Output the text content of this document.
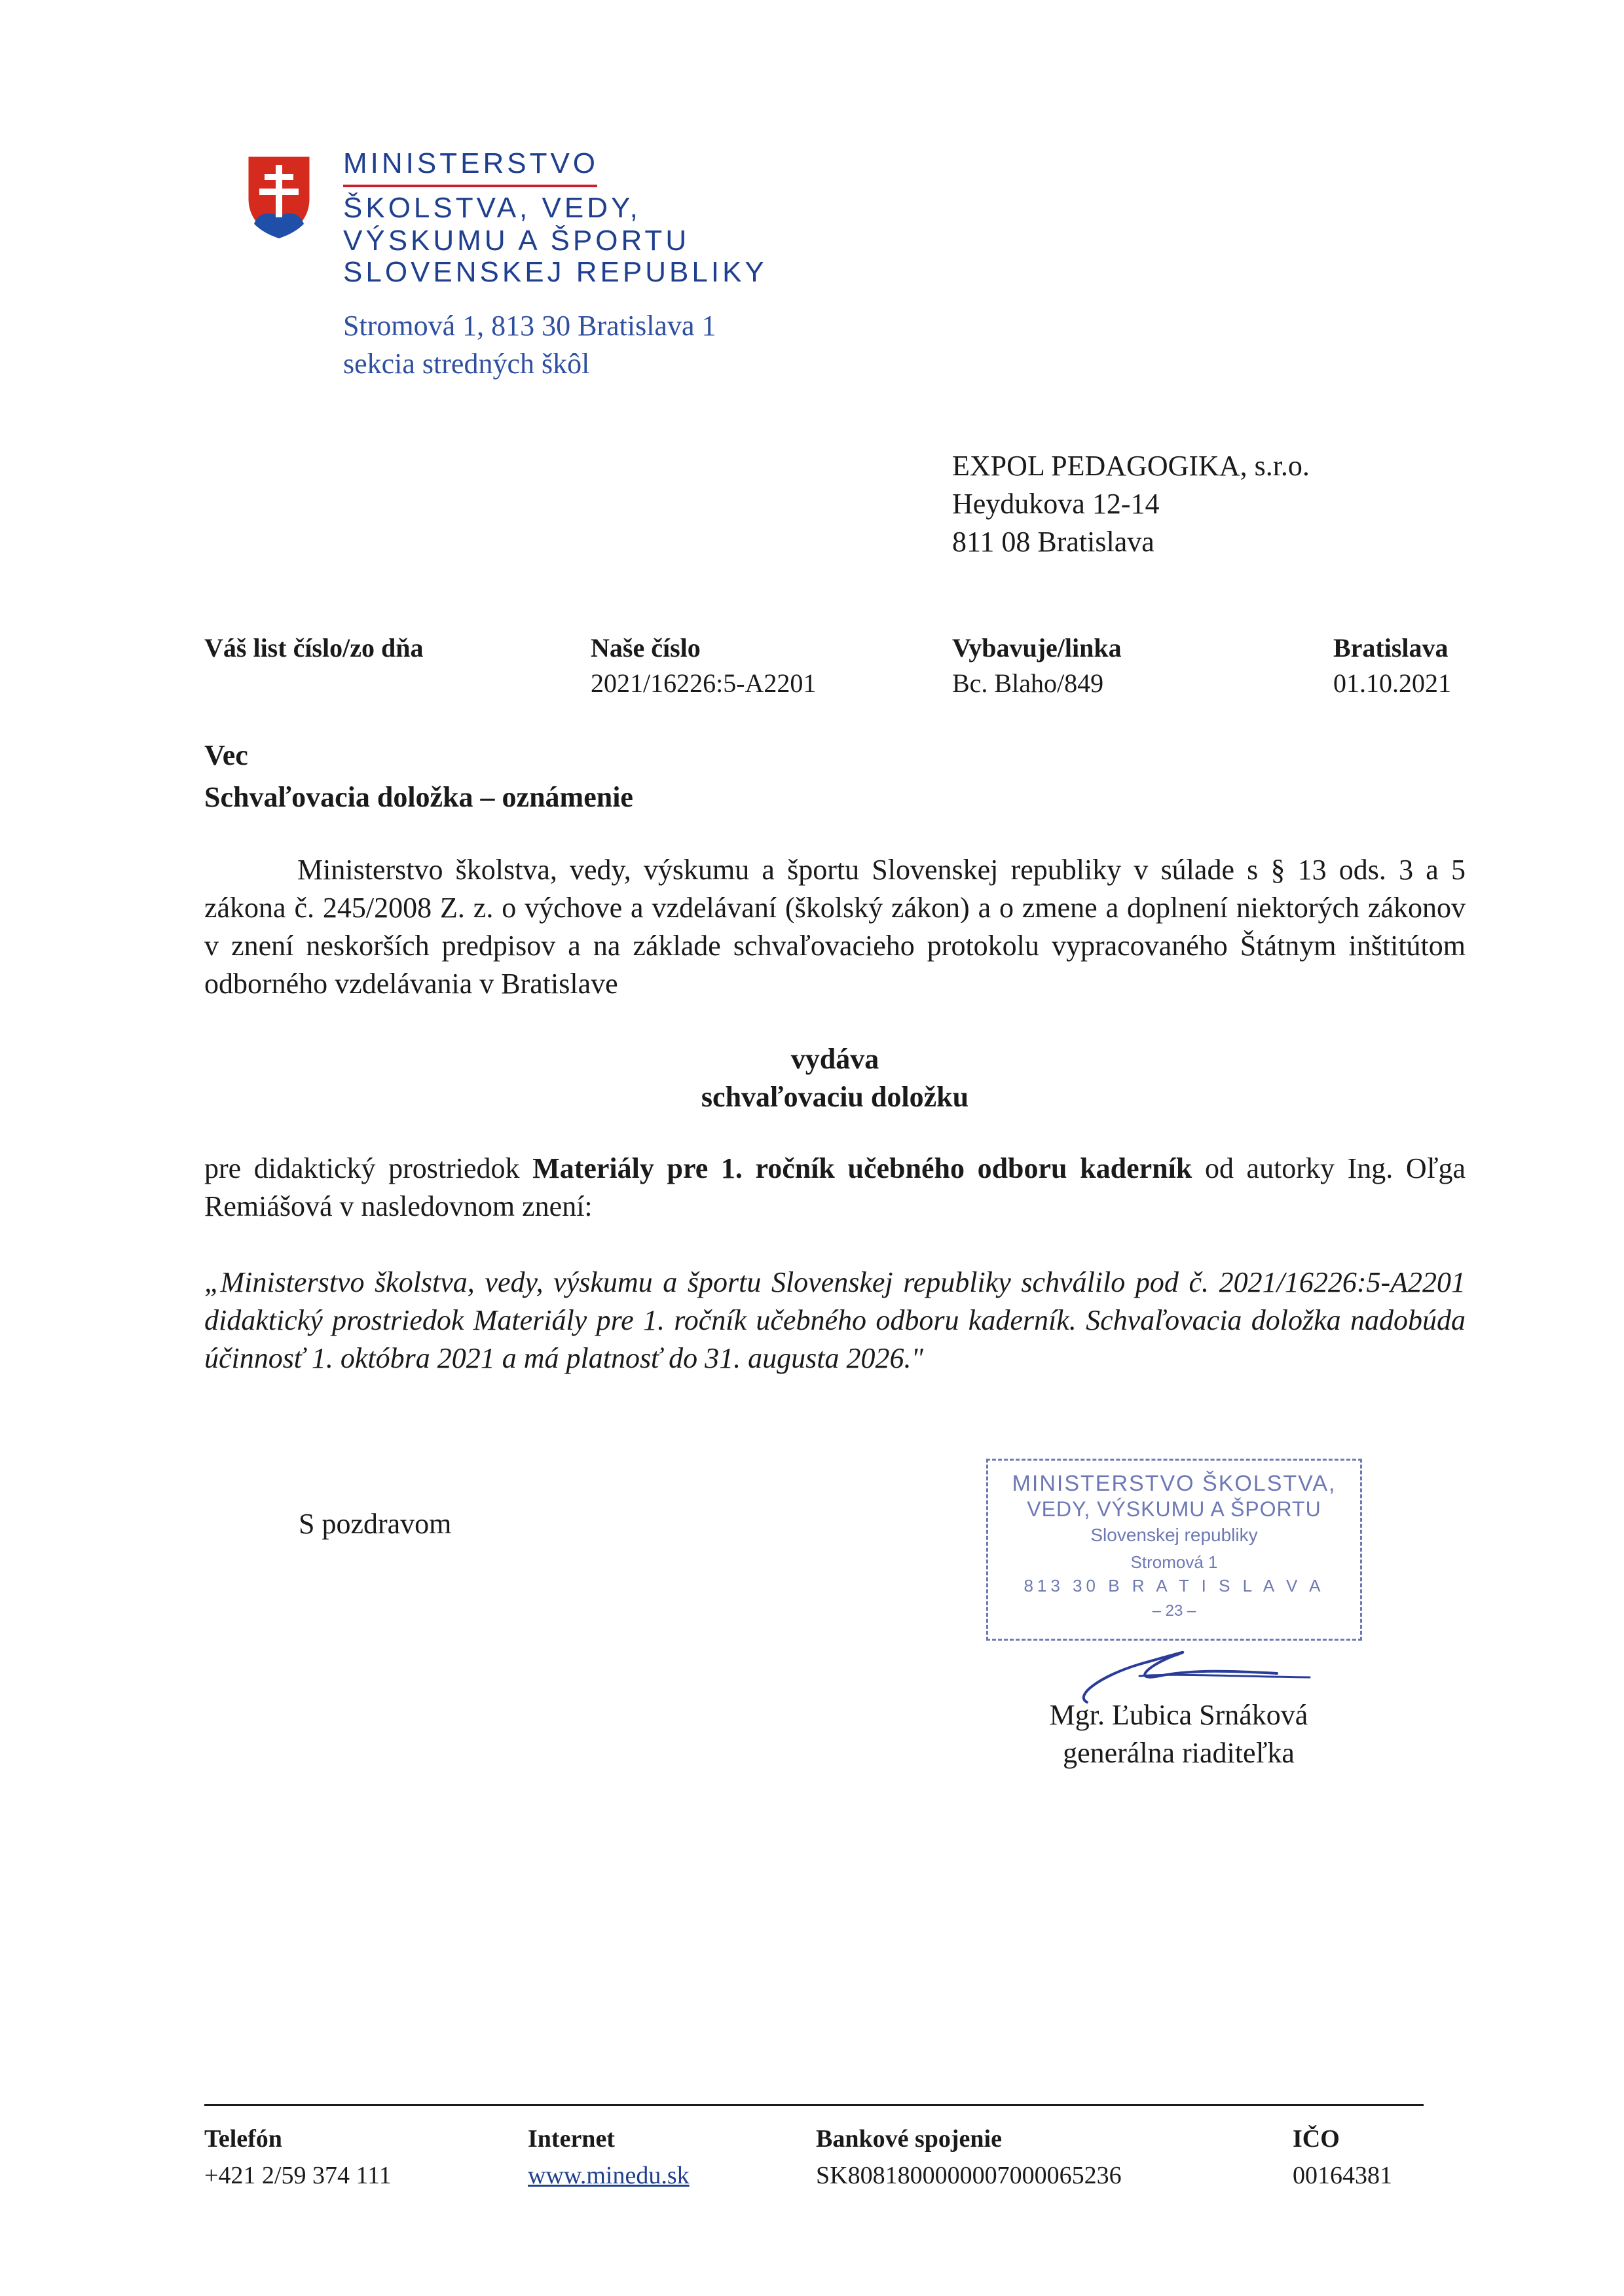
MINISTERSTVO
ŠKOLSTVA, VEDY,
VÝSKUMU A ŠPORTU
SLOVENSKEJ REPUBLIKY
Stromová 1, 813 30 Bratislava 1
sekcia stredných škôl
EXPOL PEDAGOGIKA, s.r.o.
Heydukova 12-14
811 08 Bratislava
Váš list číslo/zo dňa	Naše číslo
2021/16226:5-A2201
Vybavuje/linka
Bc. Blaho/849
Bratislava
01.10.2021
Vec
Schvaľovacia doložka – oznámenie
Ministerstvo školstva, vedy, výskumu a športu Slovenskej republiky v súlade s § 13 ods. 3 a 5 zákona č. 245/2008 Z. z. o výchove a vzdelávaní (školský zákon) a o zmene a doplnení niektorých zákonov v znení neskorších predpisov a na základe schvaľovacieho protokolu vypracovaného Štátnym inštitútom odborného vzdelávania v Bratislave
vydáva
schvaľovaciu doložku
pre didaktický prostriedok Materiály pre 1. ročník učebného odboru kaderník od autorky Ing. Oľga Remiášová v nasledovnom znení:
„Ministerstvo školstva, vedy, výskumu a športu Slovenskej republiky schválilo pod č. 2021/16226:5-A2201 didaktický prostriedok Materiály pre 1. ročník učebného odboru kaderník. Schvaľovacia doložka nadobúda účinnosť 1. októbra 2021 a má platnosť do 31. augusta 2026."
S pozdravom
MINISTERSTVO ŠKOLSTVA,
VEDY, VÝSKUMU A ŠPORTU
Slovenskej republiky
Stromová 1
813 30 B R A T I S L A V A
– 23 –
Mgr. Ľubica Srnáková
generálna riaditeľka
Telefón
+421 2/59 374 111
Internet
www.minedu.sk
Bankové spojenie
SK8081800000007000065236
IČO
00164381
